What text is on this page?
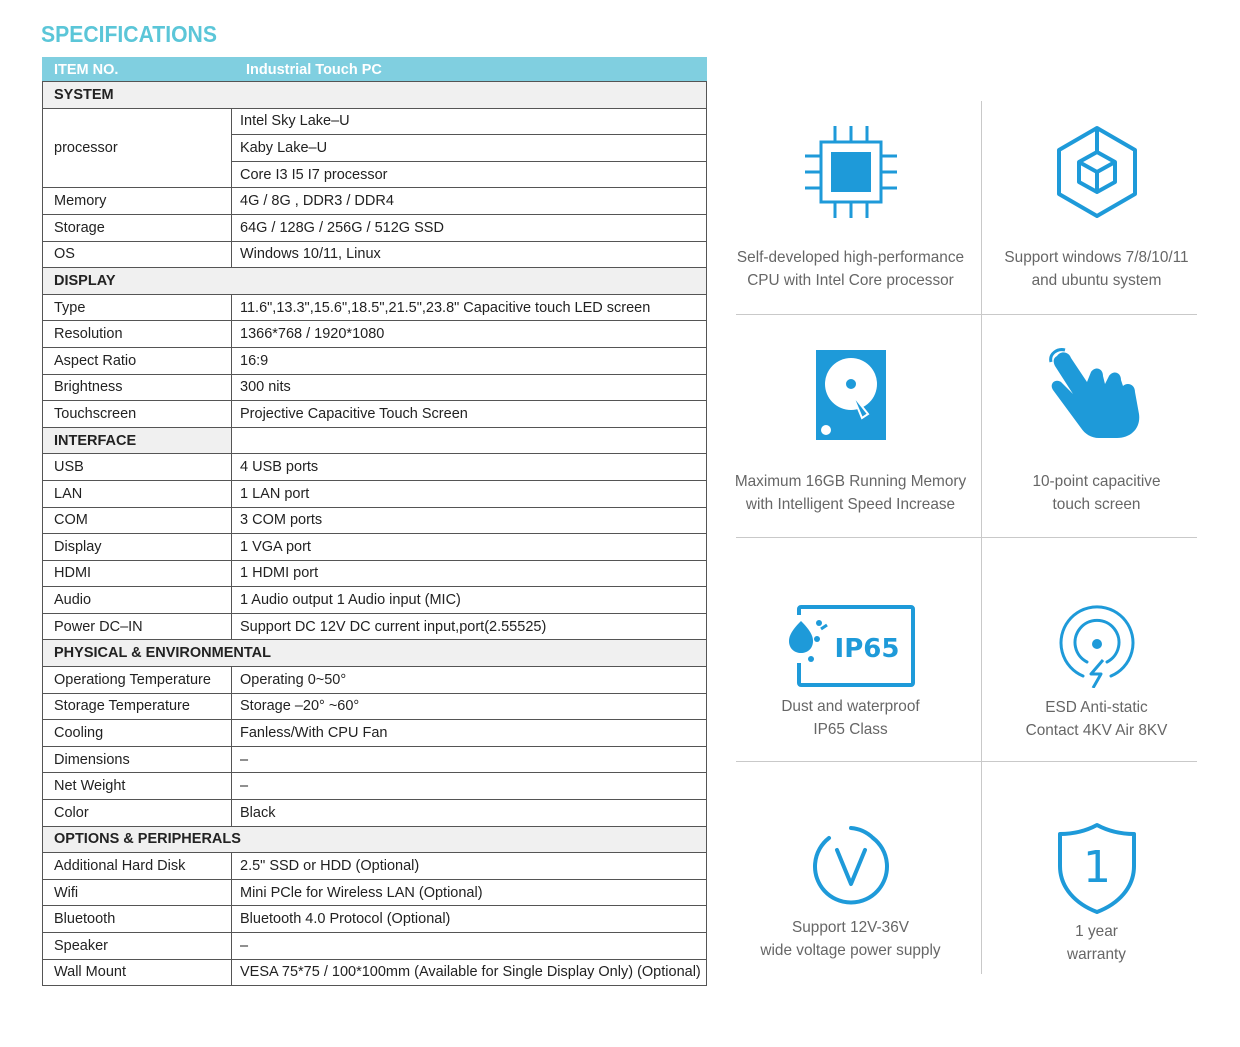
SPECIFICATIONS
ITEM NO.	Industrial Touch PC
SYSTEM	
processor	Intel Sky Lake–U
	Kaby Lake–U
	Core I3 I5 I7 processor
Memory	4G / 8G , DDR3 / DDR4
Storage	64G / 128G / 256G / 512G SSD
OS	Windows 10/11, Linux
DISPLAY	
Type	11.6",13.3",15.6",18.5",21.5",23.8" Capacitive touch LED screen
Resolution	1366*768 / 1920*1080
Aspect Ratio	16:9
Brightness	300 nits
Touchscreen	Projective Capacitive Touch Screen
INTERFACE	
USB	4 USB ports
LAN	1 LAN port
COM	3 COM ports
Display	1 VGA port
HDMI	1 HDMI port
Audio	1 Audio output 1 Audio input (MIC)
Power DC–IN	Support DC 12V DC current input,port(2.55525)
PHYSICAL & ENVIRONMENTAL	
Operationg Temperature	Operating 0~50°
Storage Temperature	Storage –20° ~60°
Cooling	Fanless/With CPU Fan
Dimensions	–
Net Weight	–
Color	Black
OPTIONS & PERIPHERALS	
Additional Hard Disk	2.5" SSD or HDD (Optional)
Wifi	Mini PCle for Wireless LAN (Optional)
Bluetooth	Bluetooth 4.0 Protocol (Optional)
Speaker	–
Wall Mount	VESA 75*75 / 100*100mm (Available for Single Display Only) (Optional)
Self-developed high-performance
CPU with Intel Core processor
Support windows 7/8/10/11
and ubuntu system
Maximum 16GB Running Memory
with Intelligent Speed Increase
10-point capacitive
touch screen
IP65
Dust and waterproof
IP65 Class
ESD Anti-static
Contact 4KV Air 8KV
Support 12V-36V
wide voltage power supply
1
1 year
warranty
